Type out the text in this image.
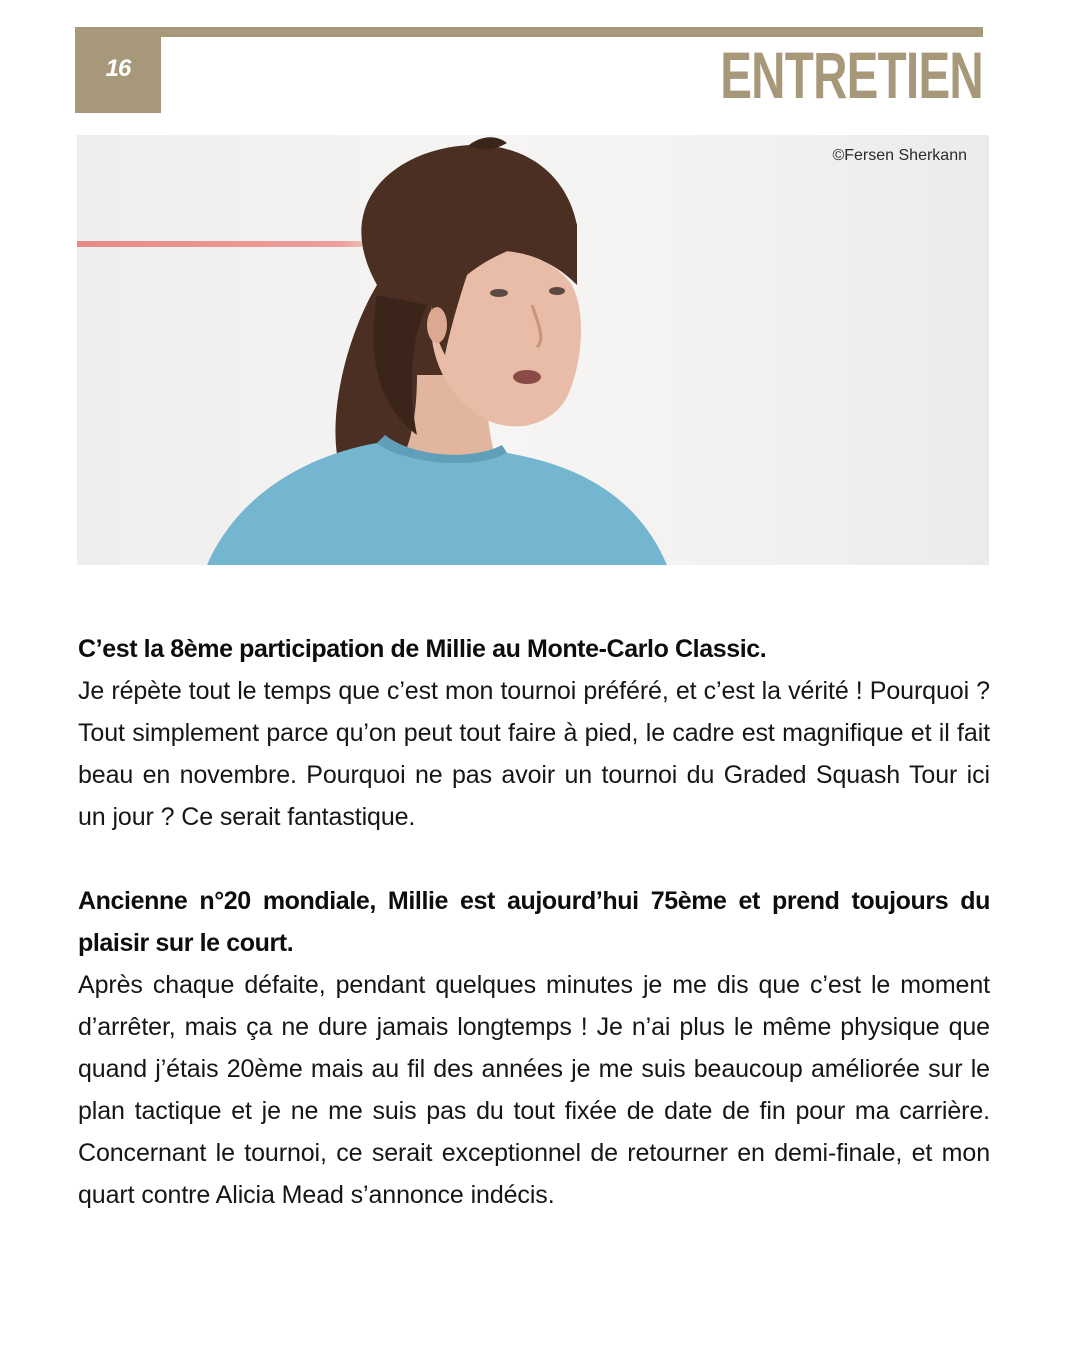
16	ENTRETIEN
©Fersen Sherkann

C’est la 8ème participation de Millie au Monte-Carlo Classic.

Je répète tout le temps que c’est mon tournoi préféré, et c’est la vérité ! Pourquoi ? Tout simplement parce qu’on peut tout faire à pied, le cadre est magnifique et il fait beau en novembre. Pourquoi ne pas avoir un tournoi du Graded Squash Tour ici un jour ? Ce serait fantastique.

Ancienne n°20 mondiale, Millie est aujourd’hui 75ème et prend toujours du plaisir sur le court.

Après chaque défaite, pendant quelques minutes je me dis que c’est le moment d’arrêter, mais ça ne dure jamais longtemps ! Je n’ai plus le même physique que quand j’étais 20ème mais au fil des années je me suis beaucoup améliorée sur le plan tactique et je ne me suis pas du tout fixée de date de fin pour ma carrière. Concernant le tournoi, ce serait exceptionnel de retourner en demi-finale, et mon quart contre Alicia Mead s’annonce indécis.
